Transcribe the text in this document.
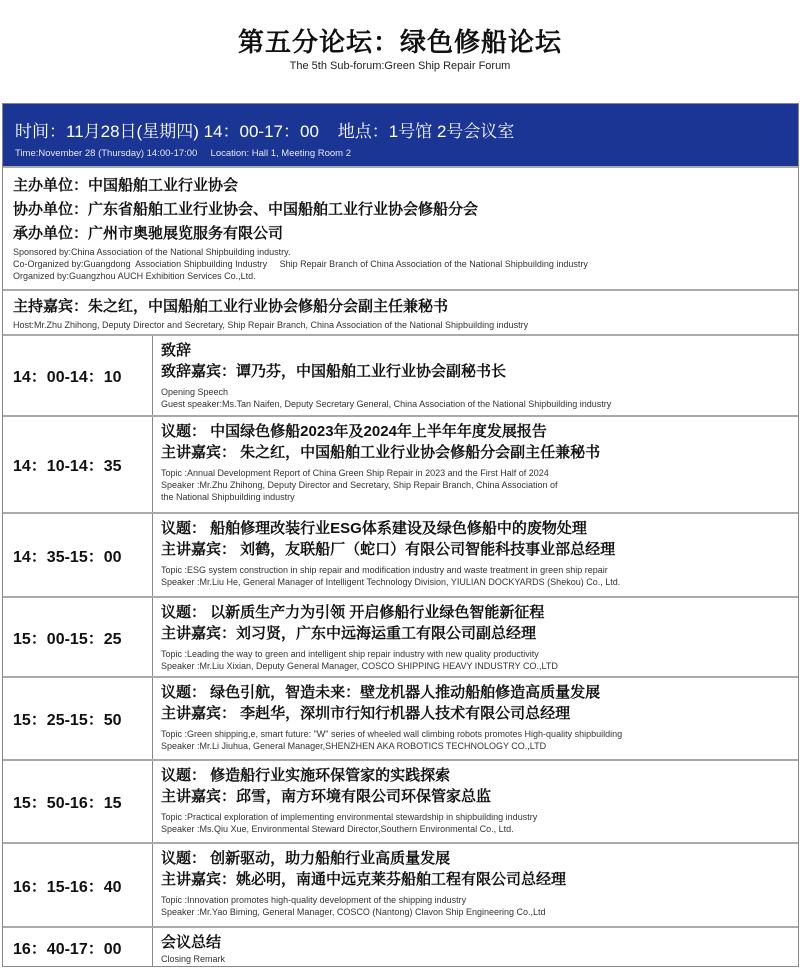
第五分论坛：绿色修船论坛
The 5th Sub-forum:Green Ship Repair Forum
时间：11月28日(星期四) 14：00-17：00    地点：1号馆 2号会议室
Time:November 28 (Thursday) 14:00-17:00     Location: Hall 1, Meeting Room 2
主办单位：中国船舶工业行业协会
协办单位：广东省船舶工业行业协会、中国船舶工业行业协会修船分会
承办单位：广州市奥驰展览服务有限公司
Sponsored by:China Association of the National Shipbuilding industry.
Co-Organized by:Guangdong  Association Shipbuilding Industry     Ship Repair Branch of China Association of the National Shipbuilding industry
Organized by:Guangzhou AUCH Exhibition Services Co.,Ltd.
主持嘉宾：朱之红，中国船舶工业行业协会修船分会副主任兼秘书
Host:Mr.Zhu Zhihong, Deputy Director and Secretary, Ship Repair Branch, China Association of the National Shipbuilding industry
14：00-14：10
致辞
致辞嘉宾：谭乃芬，中国船舶工业行业协会副秘书长
Opening Speech
Guest speaker:Ms.Tan Naifen, Deputy Secretary General, China Association of the National Shipbuilding industry
14：10-14：35
议题： 中国绿色修船2023年及2024年上半年年度发展报告
主讲嘉宾： 朱之红，中国船舶工业行业协会修船分会副主任兼秘书
Topic :Annual Development Report of China Green Ship Repair in 2023 and the First Half of 2024
Speaker :Mr.Zhu Zhihong, Deputy Director and Secretary, Ship Repair Branch, China Association of
the National Shipbuilding industry
14：35-15：00
议题： 船舶修理改装行业ESG体系建设及绿色修船中的废物处理
主讲嘉宾： 刘鹤，友联船厂（蛇口）有限公司智能科技事业部总经理
Topic :ESG system construction in ship repair and modification industry and waste treatment in green ship repair
Speaker :Mr.Liu He, General Manager of Intelligent Technology Division, YIULIAN DOCKYARDS (Shekou) Co., Ltd.
15：00-15：25
议题： 以新质生产力为引领 开启修船行业绿色智能新征程
主讲嘉宾：刘习贤，广东中远海运重工有限公司副总经理
Topic :Leading the way to green and intelligent ship repair industry with new quality productivity
Speaker :Mr.Liu Xixian, Deputy General Manager, COSCO SHIPPING HEAVY INDUSTRY CO.,LTD
15：25-15：50
议题： 绿色引航，智造未来：壁龙机器人推动船舶修造高质量发展
主讲嘉宾： 李赳华，深圳市行知行机器人技术有限公司总经理
Topic :Green shipping,e, smart future: "W" series of wheeled wall climbing robots promotes High-quality shipbuilding
Speaker :Mr.Li Jiuhua, General Manager,SHENZHEN AKA ROBOTICS TECHNOLOGY CO.,LTD
15：50-16：15
议题： 修造船行业实施环保管家的实践探索
主讲嘉宾：邱雪，南方环境有限公司环保管家总监
Topic :Practical exploration of implementing environmental stewardship in shipbuilding industry
Speaker :Ms.Qiu Xue, Environmental Steward Director,Southern Environmental Co., Ltd.
16：15-16：40
议题： 创新驱动，助力船舶行业高质量发展
主讲嘉宾：姚必明，南通中远克莱芬船舶工程有限公司总经理
Topic :Innovation promotes high-quality development of the shipping industry
Speaker :Mr.Yao Biming, General Manager, COSCO (Nantong) Clavon Ship Engineering Co.,Ltd
16：40-17：00	会议总结
Closing Remark
